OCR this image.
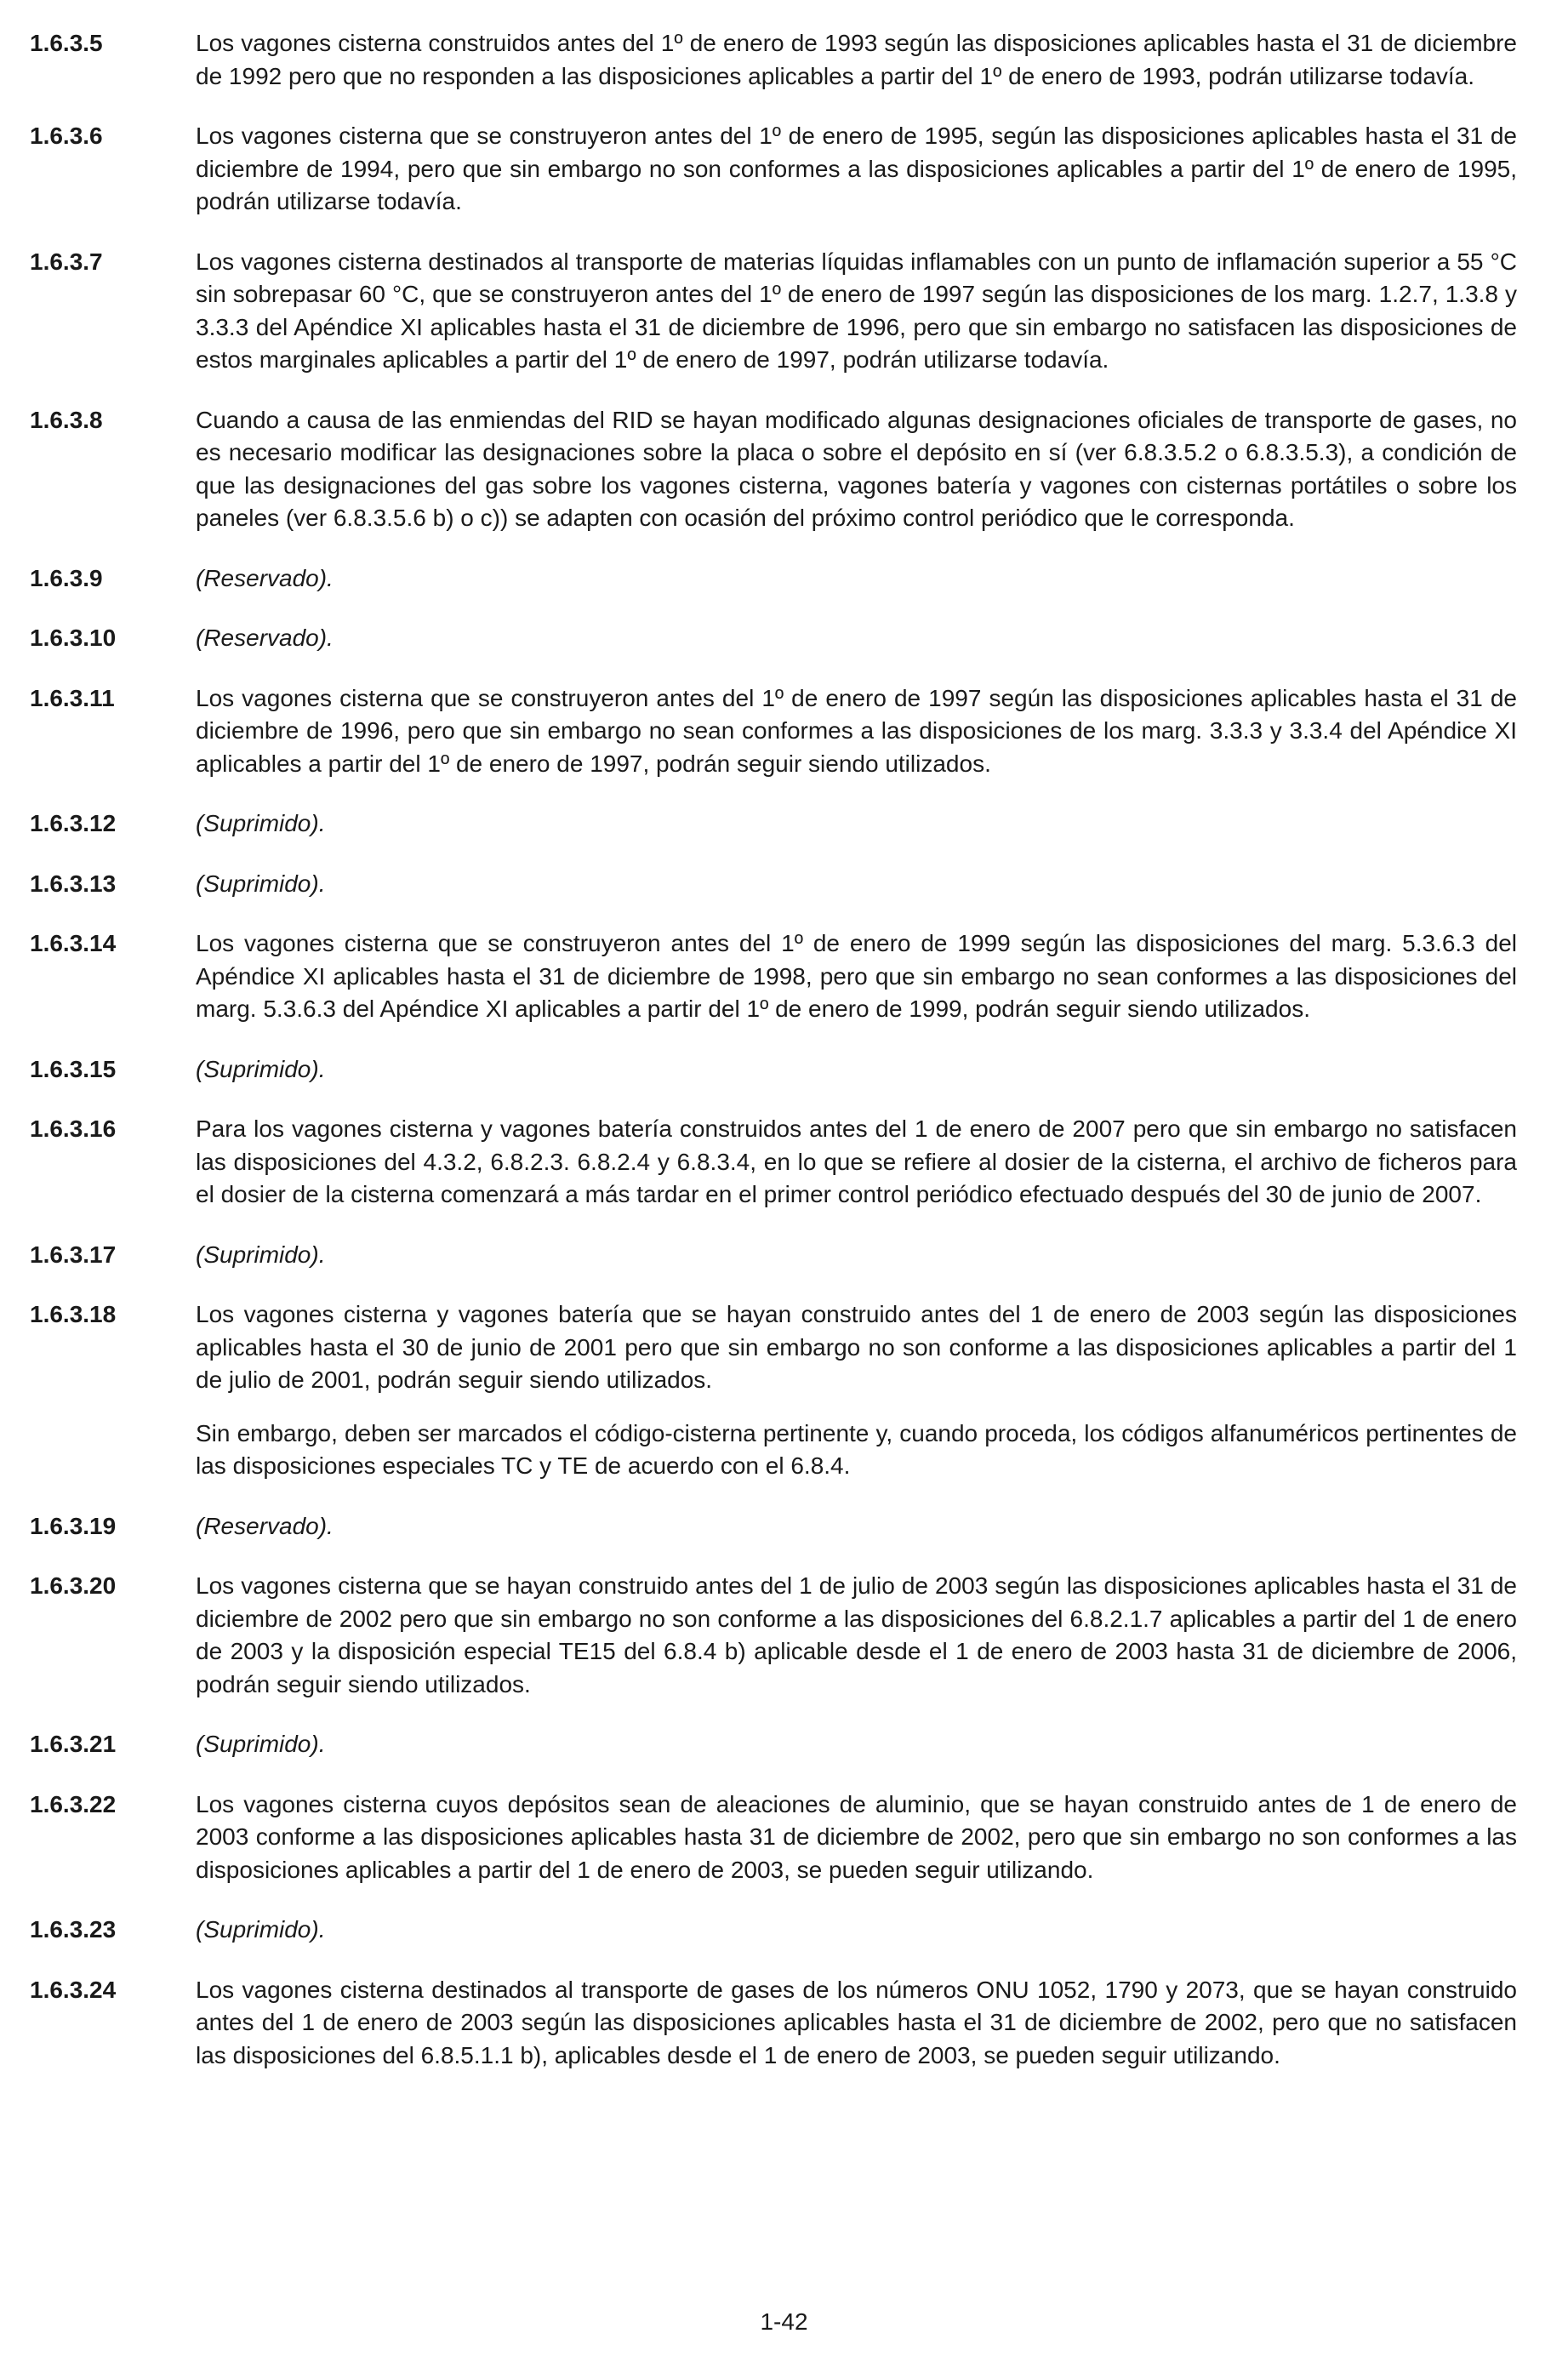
1.6.3.5	Los vagones cisterna construidos antes del 1º de enero de 1993 según las disposiciones aplicables hasta el 31 de diciembre de 1992 pero que no responden a las disposiciones aplicables a partir del 1º de enero de 1993, podrán utilizarse todavía.

1.6.3.6	Los vagones cisterna que se construyeron antes del 1º de enero de 1995, según las disposiciones aplicables hasta el 31 de diciembre de 1994, pero que sin embargo no son conformes a las disposiciones aplicables a partir del 1º de enero de 1995, podrán utilizarse todavía.

1.6.3.7	Los vagones cisterna destinados al transporte de materias líquidas inflamables con un punto de inflamación superior a 55 °C sin sobrepasar 60 °C, que se construyeron antes del 1º de enero de 1997 según las disposiciones de los marg. 1.2.7, 1.3.8 y 3.3.3 del Apéndice XI aplicables hasta el 31 de diciembre de 1996, pero que sin embargo no satisfacen las disposiciones de estos marginales aplicables a partir del 1º de enero de 1997, podrán utilizarse todavía.

1.6.3.8	Cuando a causa de las enmiendas del RID se hayan modificado algunas designaciones oficiales de transporte de gases, no es necesario modificar las designaciones sobre la placa o sobre el depósito en sí (ver 6.8.3.5.2 o 6.8.3.5.3), a condición de que las designaciones del gas sobre los vagones cisterna, vagones batería y vagones con cisternas portátiles o sobre los paneles (ver 6.8.3.5.6 b) o c)) se adapten con ocasión del próximo control periódico que le corresponda.

1.6.3.9	(Reservado).

1.6.3.10	(Reservado).

1.6.3.11	Los vagones cisterna que se construyeron antes del 1º de enero de 1997 según las disposiciones aplicables hasta el 31 de diciembre de 1996, pero que sin embargo no sean conformes a las disposiciones de los marg. 3.3.3 y 3.3.4 del Apéndice XI aplicables a partir del 1º de enero de 1997, podrán seguir siendo utilizados.

1.6.3.12	(Suprimido).

1.6.3.13	(Suprimido).

1.6.3.14	Los vagones cisterna que se construyeron antes del 1º de enero de 1999 según las disposiciones del marg. 5.3.6.3 del Apéndice XI aplicables hasta el 31 de diciembre de 1998, pero que sin embargo no sean conformes a las disposiciones del marg. 5.3.6.3 del Apéndice XI aplicables a partir del 1º de enero de 1999, podrán seguir siendo utilizados.

1.6.3.15	(Suprimido).

1.6.3.16	Para los vagones cisterna y vagones batería construidos antes del 1 de enero de 2007 pero que sin embargo no satisfacen las disposiciones del 4.3.2, 6.8.2.3. 6.8.2.4 y 6.8.3.4, en lo que se refiere al dosier de la cisterna, el archivo de ficheros para el dosier de la cisterna comenzará a más tardar en el primer control periódico efectuado después del 30 de junio de 2007.

1.6.3.17	(Suprimido).

1.6.3.18	Los vagones cisterna y vagones batería que se hayan construido antes del 1 de enero de 2003 según las disposiciones aplicables hasta el 30 de junio de 2001 pero que sin embargo no son conforme a las disposiciones aplicables a partir del 1 de julio de 2001, podrán seguir siendo utilizados.

Sin embargo, deben ser marcados el código-cisterna pertinente y, cuando proceda, los códigos alfanuméricos pertinentes de las disposiciones especiales TC y TE de acuerdo con el 6.8.4.

1.6.3.19	(Reservado).

1.6.3.20	Los vagones cisterna que se hayan construido antes del 1 de julio de 2003 según las disposiciones aplicables hasta el 31 de diciembre de 2002 pero que sin embargo no son conforme a las disposiciones del 6.8.2.1.7 aplicables a partir del 1 de enero de 2003 y la disposición especial TE15 del 6.8.4 b) aplicable desde el 1 de enero de 2003 hasta 31 de diciembre de 2006, podrán seguir siendo utilizados.

1.6.3.21	(Suprimido).

1.6.3.22	Los vagones cisterna cuyos depósitos sean de aleaciones de aluminio, que se hayan construido antes de 1 de enero de 2003 conforme a las disposiciones aplicables hasta 31 de diciembre de 2002, pero que sin embargo no son conformes a las disposiciones aplicables a partir del 1 de enero de 2003, se pueden seguir utilizando.

1.6.3.23	(Suprimido).

1.6.3.24	Los vagones cisterna destinados al transporte de gases de los números ONU 1052, 1790 y 2073, que se hayan construido antes del 1 de enero de 2003 según las disposiciones aplicables hasta el 31 de diciembre de 2002, pero que no satisfacen las disposiciones del 6.8.5.1.1 b), aplicables desde el 1 de enero de 2003, se pueden seguir utilizando.

1-42
